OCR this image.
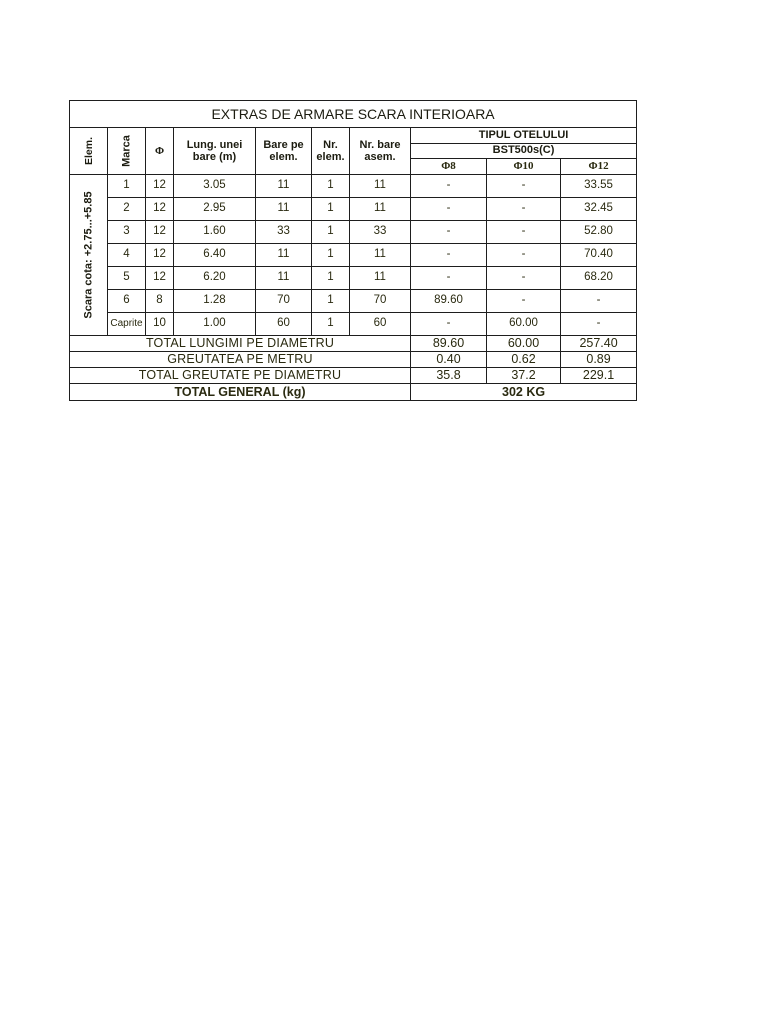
EXTRAS DE ARMARE SCARA INTERIOARA									

Elem.	Marca	Φ	Lung. unei bare (m)	Bare pe elem.	Nr. elem.	Nr. bare asem.	TIPUL OTELULUI		
							BST500s(C)		
							Φ8	Φ10	Φ12

Scara cota: +2.75...+5.85	1	12	3.05	11	1	11	-	-	33.55
	2	12	2.95	11	1	11	-	-	32.45
	3	12	1.60	33	1	33	-	-	52.80
	4	12	6.40	11	1	11	-	-	70.40
	5	12	6.20	11	1	11	-	-	68.20
	6	8	1.28	70	1	70	89.60	-	-
	Caprite	10	1.00	60	1	60	-	60.00	-
TOTAL LUNGIMI PE DIAMETRU							89.60	60.00	257.40
GREUTATEA PE METRU							0.40	0.62	0.89
TOTAL GREUTATE PE DIAMETRU							35.8	37.2	229.1
TOTAL GENERAL (kg)							302 KG		
